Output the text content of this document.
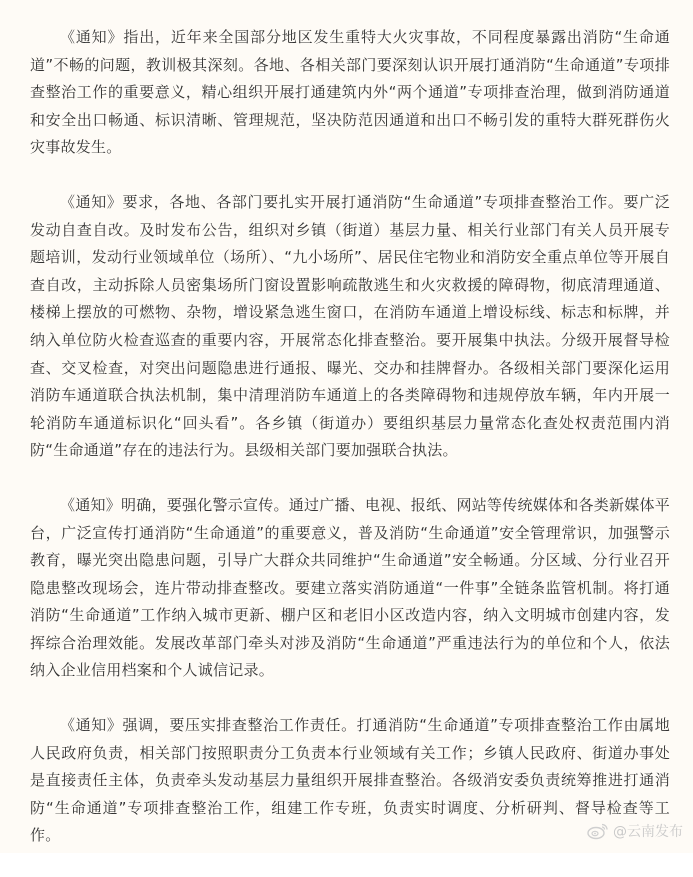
《通知》指出，近年来全国部分地区发生重特大火灾事故，不同程度暴露出消防“生命通道”不畅的问题，教训极其深刻。各地、各相关部门要深刻认识开展打通消防“生命通道”专项排查整治工作的重要意义，精心组织开展打通建筑内外“两个通道”专项排查治理，做到消防通道和安全出口畅通、标识清晰、管理规范，坚决防范因通道和出口不畅引发的重特大群死群伤火灾事故发生。

《通知》要求，各地、各部门要扎实开展打通消防“生命通道”专项排查整治工作。要广泛发动自查自改。及时发布公告，组织对乡镇（街道）基层力量、相关行业部门有关人员开展专题培训，发动行业领域单位（场所）、“九小场所”、居民住宅物业和消防安全重点单位等开展自查自改，主动拆除人员密集场所门窗设置影响疏散逃生和火灾救援的障碍物，彻底清理通道、楼梯上摆放的可燃物、杂物，增设紧急逃生窗口，在消防车通道上增设标线、标志和标牌，并纳入单位防火检查巡查的重要内容，开展常态化排查整治。要开展集中执法。分级开展督导检查、交叉检查，对突出问题隐患进行通报、曝光、交办和挂牌督办。各级相关部门要深化运用消防车通道联合执法机制，集中清理消防车通道上的各类障碍物和违规停放车辆，年内开展一轮消防车通道标识化“回头看”。各乡镇（街道办）要组织基层力量常态化查处权责范围内消防“生命通道”存在的违法行为。县级相关部门要加强联合执法。

《通知》明确，要强化警示宣传。通过广播、电视、报纸、网站等传统媒体和各类新媒体平台，广泛宣传打通消防“生命通道”的重要意义，普及消防“生命通道”安全管理常识，加强警示教育，曝光突出隐患问题，引导广大群众共同维护“生命通道”安全畅通。分区域、分行业召开隐患整改现场会，连片带动排查整改。要建立落实消防通道“一件事”全链条监管机制。将打通消防“生命通道”工作纳入城市更新、棚户区和老旧小区改造内容，纳入文明城市创建内容，发挥综合治理效能。发展改革部门牵头对涉及消防“生命通道”严重违法行为的单位和个人，依法纳入企业信用档案和个人诚信记录。

《通知》强调，要压实排查整治工作责任。打通消防“生命通道”专项排查整治工作由属地人民政府负责，相关部门按照职责分工负责本行业领域有关工作；乡镇人民政府、街道办事处是直接责任主体，负责牵头发动基层力量组织开展排查整治。各级消安委负责统筹推进打通消防“生命通道”专项排查整治工作，组建工作专班，负责实时调度、分析研判、督导检查等工作。	@云南发布
